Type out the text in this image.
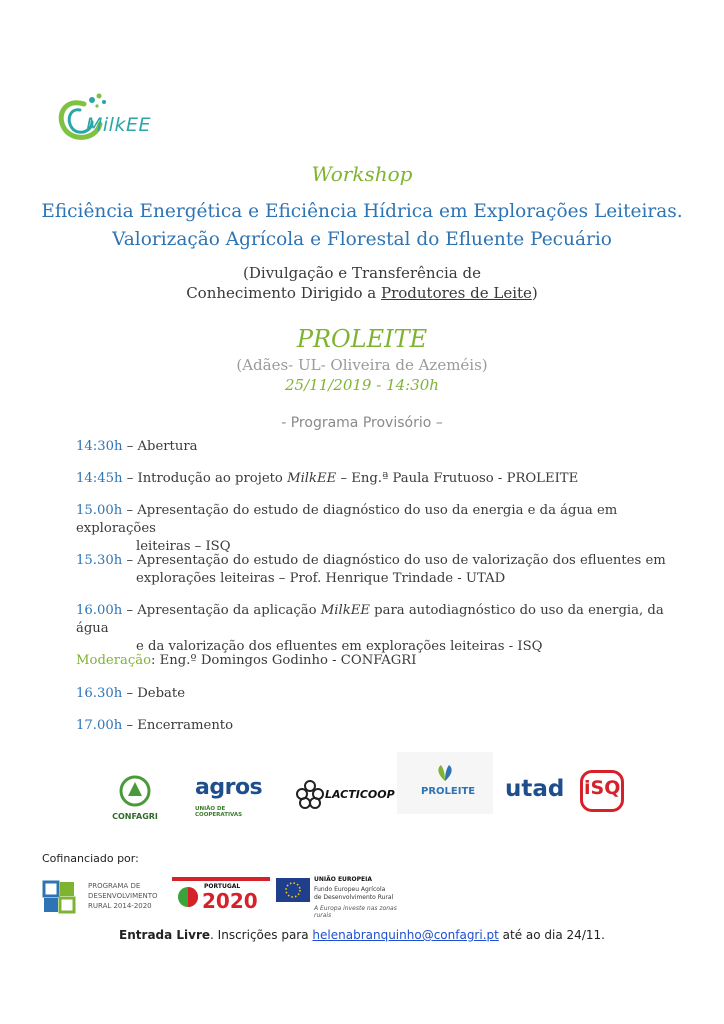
MilkEE
Workshop
Eficiência Energética e Eficiência Hídrica em Explorações Leiteiras.
Valorização Agrícola e Florestal do Efluente Pecuário
(Divulgação e Transferência de
Conhecimento Dirigido a Produtores de Leite)
PROLEITE
(Adães- UL- Oliveira de Azeméis)
25/11/2019 - 14:30h
- Programa Provisório –
14:30h – Abertura
14:45h – Introdução ao projeto MilkEE – Eng.ª Paula Frutuoso - PROLEITE
15.00h – Apresentação do estudo de diagnóstico do uso da energia e da água em explorações
leiteiras – ISQ
15.30h – Apresentação do estudo de diagnóstico do uso de valorização dos efluentes em
explorações leiteiras – Prof. Henrique Trindade - UTAD
16.00h – Apresentação da aplicação MilkEE para autodiagnóstico do uso da energia, da água
e da valorização dos efluentes em explorações leiteiras - ISQ
Moderação: Eng.º Domingos Godinho - CONFAGRI
16.30h – Debate
17.00h – Encerramento
CONFAGRI
agros
UNIÃO DE COOPERATIVAS
LACTICOOP	PROLEITE utad iSQ
Cofinanciado por:
PROGRAMA DE
DESENVOLVIMENTO
RURAL 2014-2020
PORTUGAL
2020
UNIÃO EUROPEIA
Fundo Europeu Agrícola
de Desenvolvimento Rural
A Europa investe nas zonas rurais
Entrada Livre. Inscrições para helenabranquinho@confagri.pt até ao dia 24/11.
